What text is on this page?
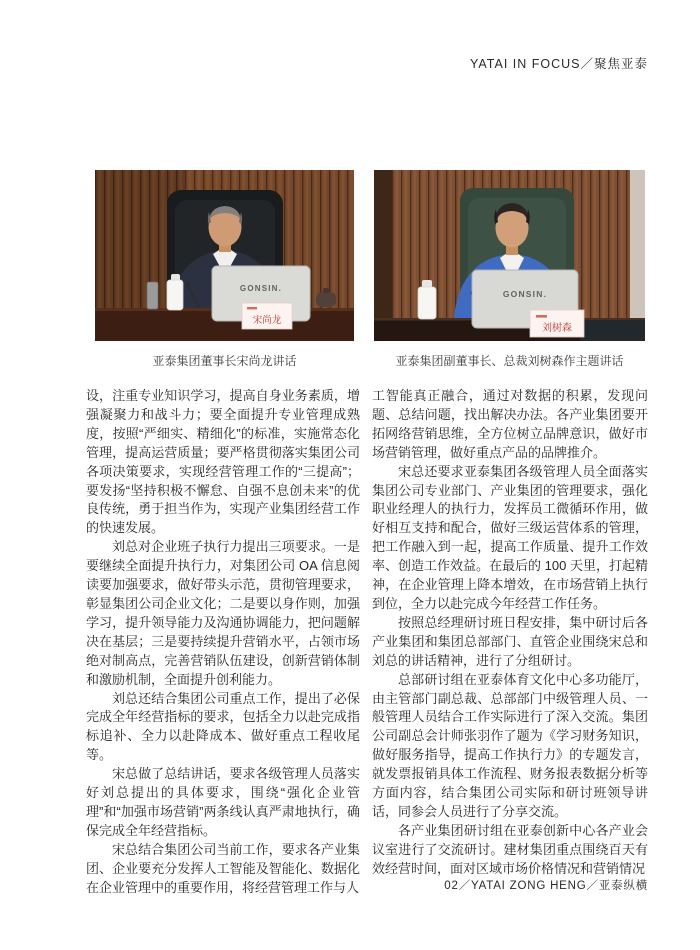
YATAI IN FOCUS／聚焦亚泰
GONSIN.
宋尚龙
GONSIN.
刘树森
亚泰集团董事长宋尚龙讲话	亚泰集团副董事长、总裁刘树森作主题讲话

设，注重专业知识学习，提高自身业务素质，增强凝聚力和战斗力；要全面提升专业管理成熟度，按照“严细实、精细化”的标准，实施常态化管理，提高运营质量；要严格贯彻落实集团公司各项决策要求，实现经营管理工作的“三提高”；要发扬“坚持积极不懈怠、自强不息创未来”的优良传统，勇于担当作为，实现产业集团经营工作的快速发展。

刘总对企业班子执行力提出三项要求。一是要继续全面提升执行力，对集团公司 OA 信息阅读要加强要求，做好带头示范，贯彻管理要求，彰显集团公司企业文化；二是要以身作则，加强学习，提升领导能力及沟通协调能力，把问题解决在基层；三是要持续提升营销水平，占领市场绝对制高点，完善营销队伍建设，创新营销体制和激励机制，全面提升创利能力。

刘总还结合集团公司重点工作，提出了必保完成全年经营指标的要求，包括全力以赴完成指标追补、全力以赴降成本、做好重点工程收尾等。

宋总做了总结讲话，要求各级管理人员落实好刘总提出的具体要求，围绕“强化企业管理”和“加强市场营销”两条线认真严肃地执行，确保完成全年经营指标。

宋总结合集团公司当前工作，要求各产业集团、企业要充分发挥人工智能及智能化、数据化在企业管理中的重要作用，将经营管理工作与人

工智能真正融合，通过对数据的积累，发现问题、总结问题，找出解决办法。各产业集团要开拓网络营销思维，全方位树立品牌意识，做好市场营销管理，做好重点产品的品牌推介。

宋总还要求亚泰集团各级管理人员全面落实集团公司专业部门、产业集团的管理要求，强化职业经理人的执行力，发挥员工微循环作用，做好相互支持和配合，做好三级运营体系的管理，把工作融入到一起，提高工作质量、提升工作效率、创造工作效益。在最后的 100 天里，打起精神，在企业管理上降本增效，在市场营销上执行到位，全力以赴完成今年经营工作任务。

按照总经理研讨班日程安排，集中研讨后各产业集团和集团总部部门、直管企业围绕宋总和刘总的讲话精神，进行了分组研讨。

总部研讨组在亚泰体育文化中心多功能厅，由主管部门副总裁、总部部门中级管理人员、一般管理人员结合工作实际进行了深入交流。集团公司副总会计师张羽作了题为《学习财务知识，做好服务指导，提高工作执行力》的专题发言，就发票报销具体工作流程、财务报表数据分析等方面内容，结合集团公司实际和研讨班领导讲话，同参会人员进行了分享交流。

各产业集团研讨组在亚泰创新中心各产业会议室进行了交流研讨。建材集团重点围绕百天有效经营时间，面对区域市场价格情况和营销情况

02／YATAI ZONG HENG／亚泰纵横
